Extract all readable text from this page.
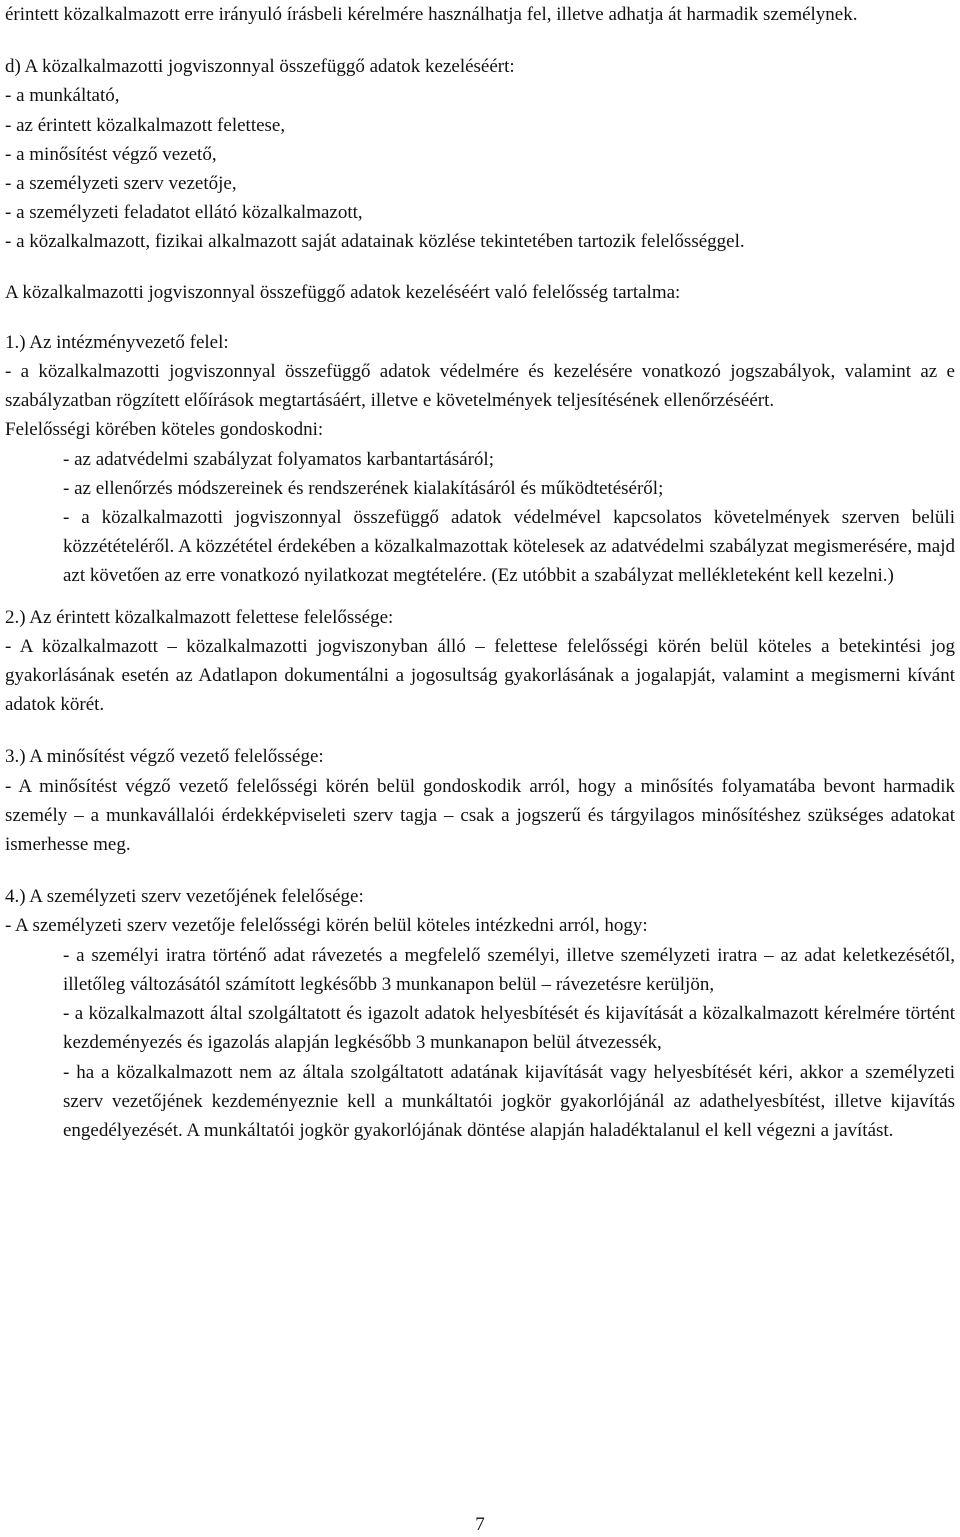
érintett közalkalmazott erre irányuló írásbeli kérelmére használhatja fel, illetve adhatja át harmadik személynek.

d) A közalkalmazotti jogviszonnyal összefüggő adatok kezeléséért:

- a munkáltató,

- az érintett közalkalmazott felettese,

- a minősítést végző vezető,

- a személyzeti szerv vezetője,

- a személyzeti feladatot ellátó közalkalmazott,

- a közalkalmazott, fizikai alkalmazott saját adatainak közlése tekintetében tartozik felelősséggel.

A közalkalmazotti jogviszonnyal összefüggő adatok kezeléséért való felelősség tartalma:

1.) Az intézményvezető felel:

- a közalkalmazotti jogviszonnyal összefüggő adatok védelmére és kezelésére vonatkozó jogszabályok, valamint az e szabályzatban rögzített előírások megtartásáért, illetve e követelmények teljesítésének ellenőrzéséért.

Felelősségi körében köteles gondoskodni:

- az adatvédelmi szabályzat folyamatos karbantartásáról;

- az ellenőrzés módszereinek és rendszerének kialakításáról és működtetéséről;

- a közalkalmazotti jogviszonnyal összefüggő adatok védelmével kapcsolatos követelmények szerven belüli közzétételéről. A közzététel érdekében a közalkalmazottak kötelesek az adatvédelmi szabályzat megismerésére, majd azt követően az erre vonatkozó nyilatkozat megtételére. (Ez utóbbit a szabályzat mellékleteként kell kezelni.)

2.) Az érintett közalkalmazott felettese felelőssége:

- A közalkalmazott – közalkalmazotti jogviszonyban álló – felettese felelősségi körén belül köteles a betekintési jog gyakorlásának esetén az Adatlapon dokumentálni a jogosultság gyakorlásának a jogalapját, valamint a megismerni kívánt adatok körét.

3.) A minősítést végző vezető felelőssége:

- A minősítést végző vezető felelősségi körén belül gondoskodik arról, hogy a minősítés folyamatába bevont harmadik személy – a munkavállalói érdekképviseleti szerv tagja – csak a jogszerű és tárgyilagos minősítéshez szükséges adatokat ismerhesse meg.

4.) A személyzeti szerv vezetőjének felelősége:

- A személyzeti szerv vezetője felelősségi körén belül köteles intézkedni arról, hogy:

- a személyi iratra történő adat rávezetés a megfelelő személyi, illetve személyzeti iratra – az adat keletkezésétől, illetőleg változásától számított legkésőbb 3 munkanapon belül – rávezetésre kerüljön,

- a közalkalmazott által szolgáltatott és igazolt adatok helyesbítését és kijavítását a közalkalmazott kérelmére történt kezdeményezés és igazolás alapján legkésőbb 3 munkanapon belül átvezessék,

- ha a közalkalmazott nem az általa szolgáltatott adatának kijavítását vagy helyesbítését kéri, akkor a személyzeti szerv vezetőjének kezdeményeznie kell a munkáltatói jogkör gyakorlójánál az adathelyesbítést, illetve kijavítás engedélyezését. A munkáltatói jogkör gyakorlójának döntése alapján haladéktalanul el kell végezni a javítást.

7
